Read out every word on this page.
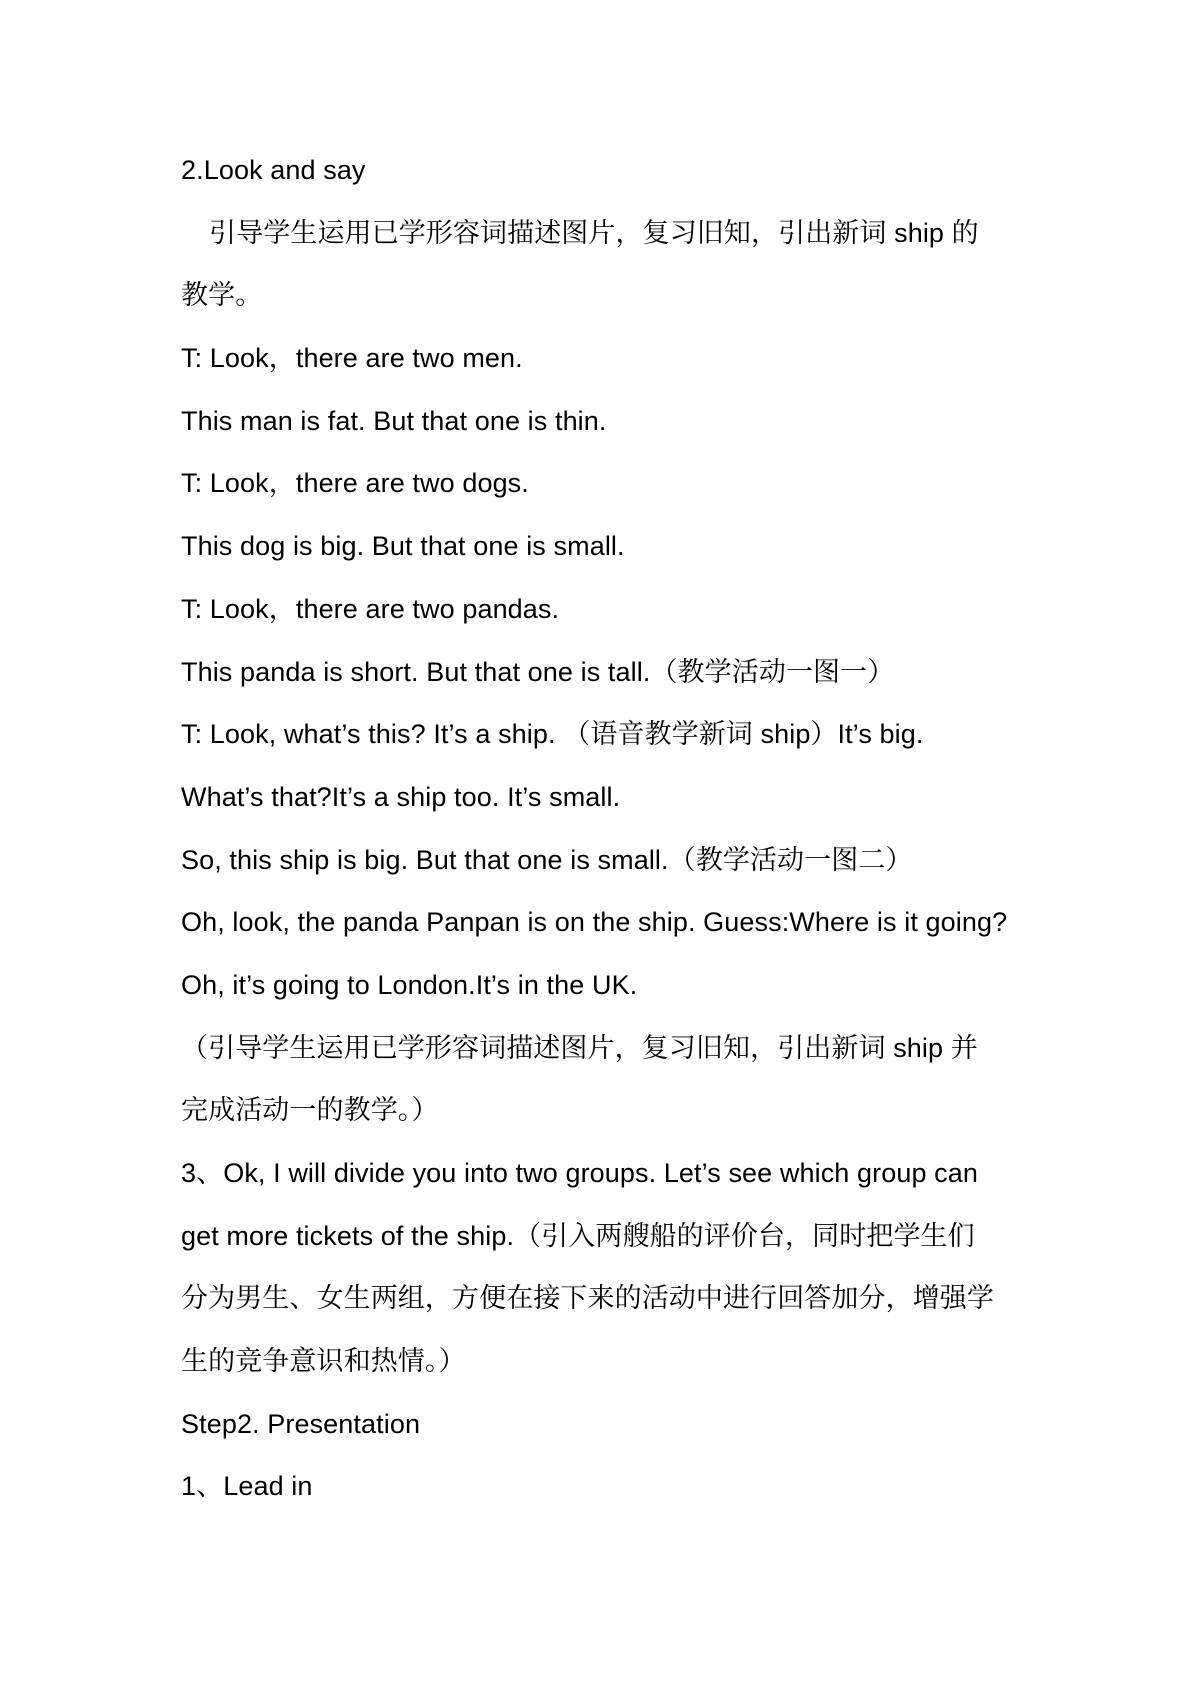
2.Look and say
引导学生运用已学形容词描述图片，复习旧知，引出新词 ship 的
教学。
T: Look，there are two men.
This man is fat. But that one is thin.
T: Look，there are two dogs.
This dog is big. But that one is small.
T: Look，there are two pandas.
This panda is short. But that one is tall.（教学活动一图一）
T: Look, what’s this? It’s a ship. （语音教学新词 ship）It’s big.
What’s that?It’s a ship too. It’s small.
So, this ship is big. But that one is small.（教学活动一图二）
Oh, look, the panda Panpan is on the ship. Guess:Where is it going?
Oh, it’s going to London.It’s in the UK.
（引导学生运用已学形容词描述图片，复习旧知，引出新词 ship 并
完成活动一的教学。）
3、Ok, I will divide you into two groups. Let’s see which group can
get more tickets of the ship.（引入两艘船的评价台，同时把学生们
分为男生、女生两组，方便在接下来的活动中进行回答加分，增强学
生的竞争意识和热情。）
Step2. Presentation
1、Lead in
